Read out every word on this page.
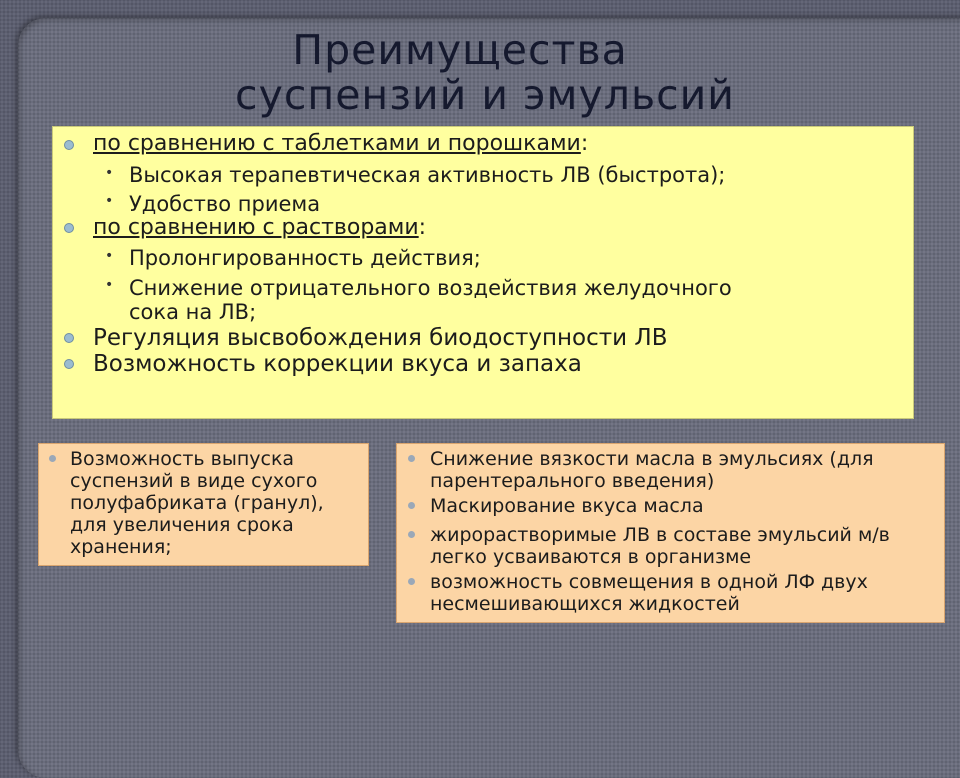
Преимущества
суспензий и эмульсий
по сравнению с таблетками и порошками:
• Высокая терапевтическая активность ЛВ (быстрота);
• Удобство приема
по сравнению с растворами:
• Пролонгированность действия;
• Снижение отрицательного воздействия желудочного
сока на ЛВ;
Регуляция высвобождения биодоступности ЛВ
Возможность коррекции вкуса и запаха
Возможность выпуска
суспензий в виде сухого
полуфабриката (гранул),
для увеличения срока
хранения;
Снижение вязкости масла в эмульсиях (для
парентерального введения)
Маскирование вкуса масла
жирорастворимые ЛВ в составе эмульсий м/в
легко усваиваются в организме
возможность совмещения в одной ЛФ двух
несмешивающихся жидкостей
